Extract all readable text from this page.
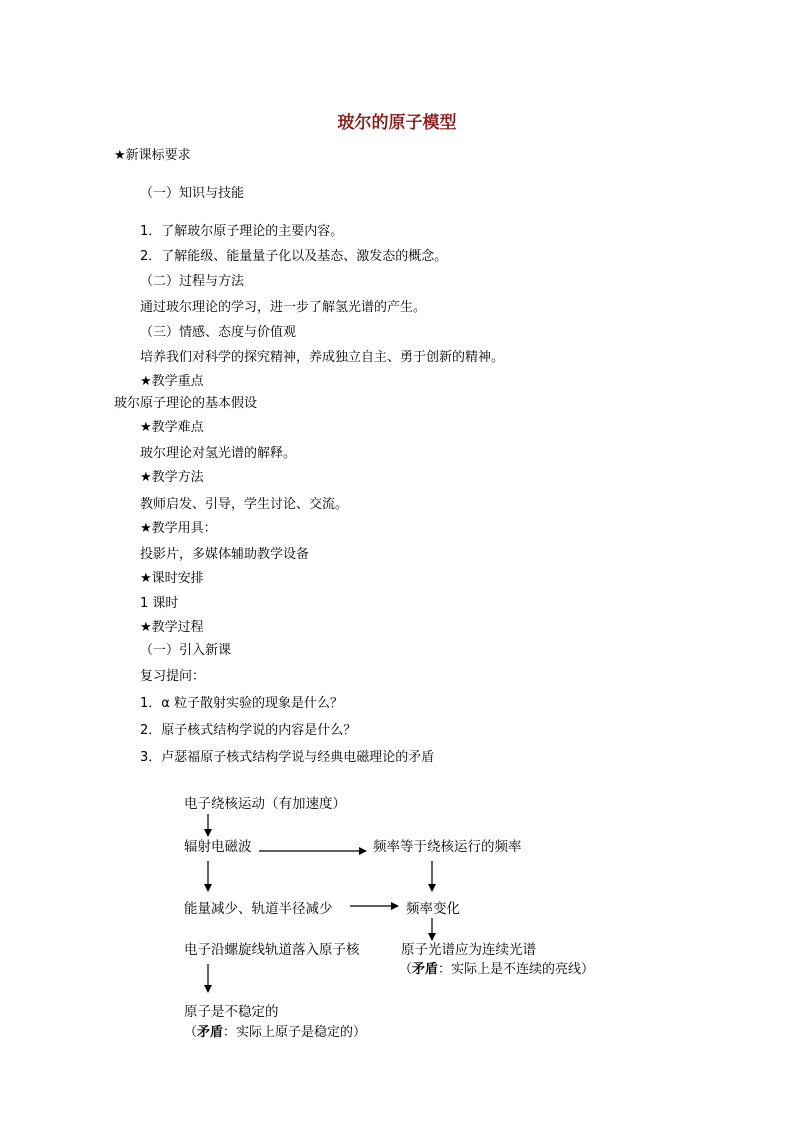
玻尔的原子模型
★新课标要求
（一）知识与技能
1．了解玻尔原子理论的主要内容。
2．了解能级、能量量子化以及基态、激发态的概念。
（二）过程与方法
通过玻尔理论的学习，进一步了解氢光谱的产生。
（三）情感、态度与价值观
培养我们对科学的探究精神，养成独立自主、勇于创新的精神。
★教学重点
玻尔原子理论的基本假设
★教学难点
玻尔理论对氢光谱的解释。
★教学方法
教师启发、引导，学生讨论、交流。
★教学用具：
投影片，多媒体辅助教学设备
★课时安排
1 课时
★教学过程
（一）引入新课
复习提问：
1．α 粒子散射实验的现象是什么？
2．原子核式结构学说的内容是什么？
3．卢瑟福原子核式结构学说与经典电磁理论的矛盾
电子绕核运动（有加速度）
辐射电磁波	频率等于绕核运行的频率
能量减少、轨道半径减少	频率变化
电子沿螺旋线轨道落入原子核	原子光谱应为连续光谱
（矛盾：实际上是不连续的亮线）
原子是不稳定的
（矛盾：实际上原子是稳定的）
